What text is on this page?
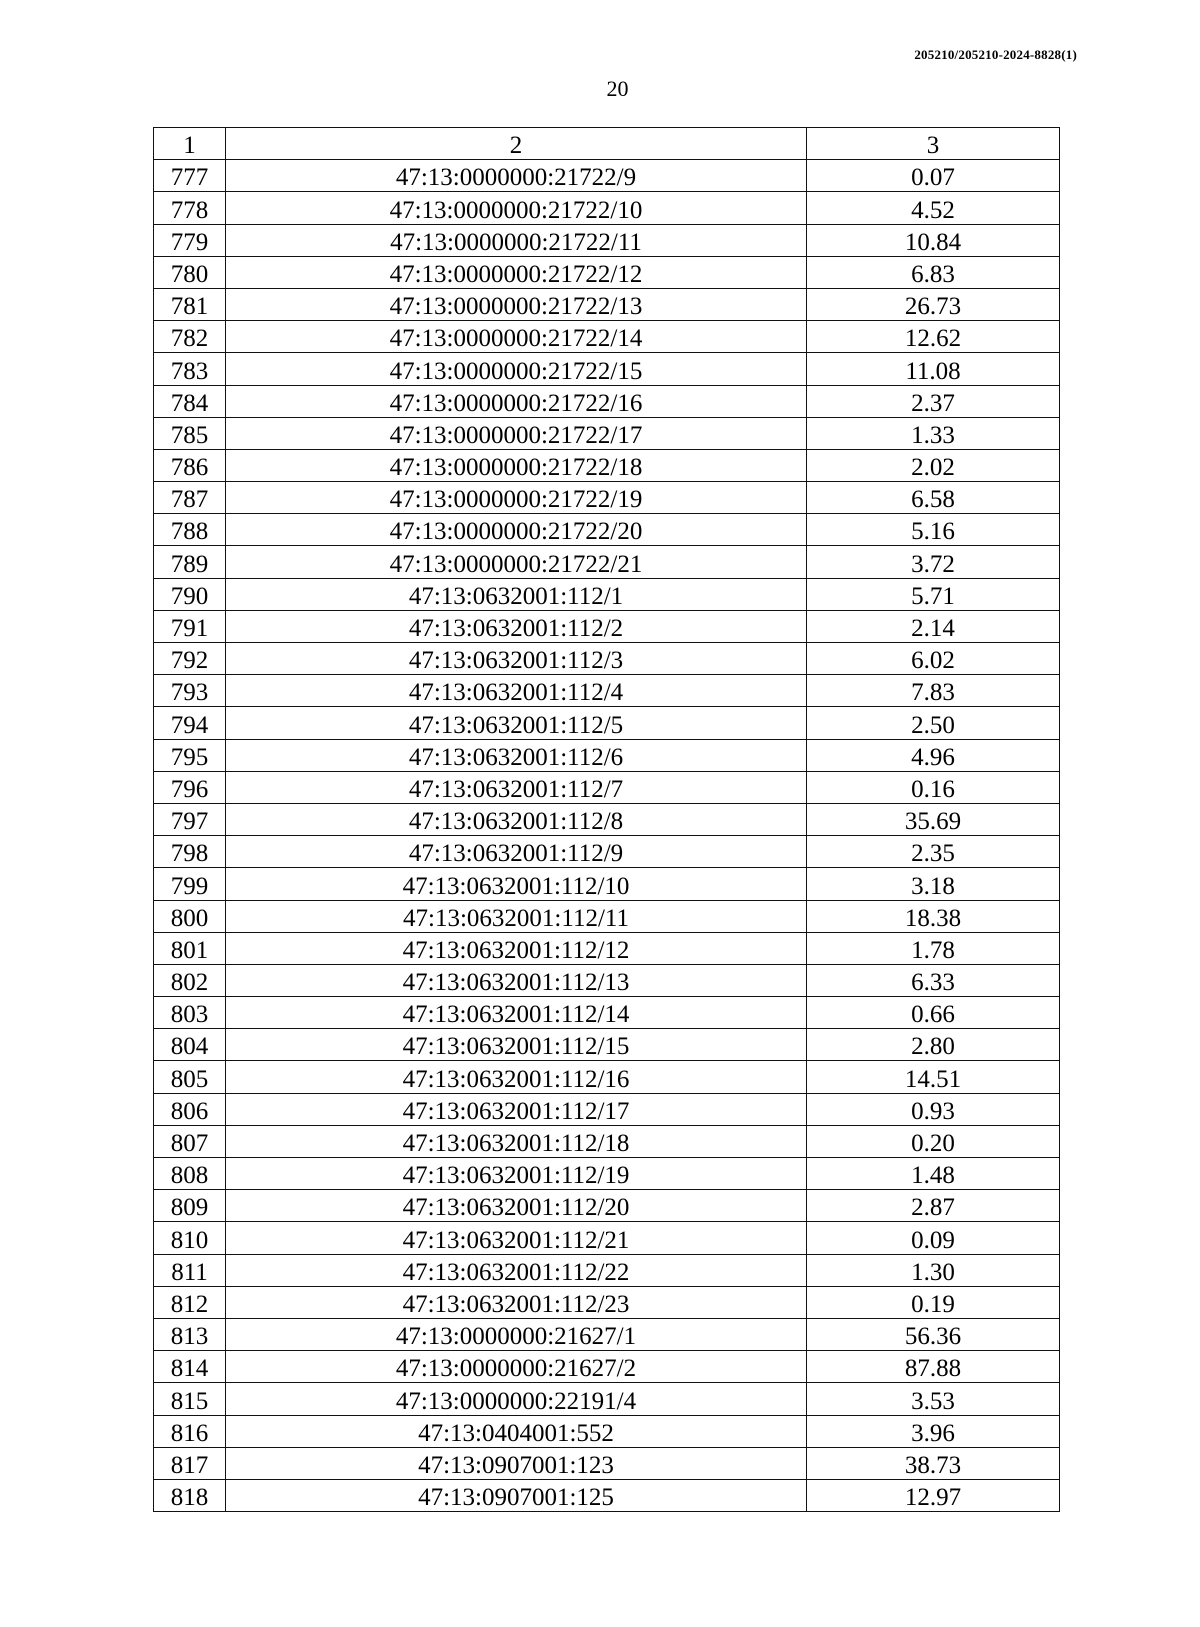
205210/205210-2024-8828(1)
20
1	2	3
777	47:13:0000000:21722/9	0.07
778	47:13:0000000:21722/10	4.52
779	47:13:0000000:21722/11	10.84
780	47:13:0000000:21722/12	6.83
781	47:13:0000000:21722/13	26.73
782	47:13:0000000:21722/14	12.62
783	47:13:0000000:21722/15	11.08
784	47:13:0000000:21722/16	2.37
785	47:13:0000000:21722/17	1.33
786	47:13:0000000:21722/18	2.02
787	47:13:0000000:21722/19	6.58
788	47:13:0000000:21722/20	5.16
789	47:13:0000000:21722/21	3.72
790	47:13:0632001:112/1	5.71
791	47:13:0632001:112/2	2.14
792	47:13:0632001:112/3	6.02
793	47:13:0632001:112/4	7.83
794	47:13:0632001:112/5	2.50
795	47:13:0632001:112/6	4.96
796	47:13:0632001:112/7	0.16
797	47:13:0632001:112/8	35.69
798	47:13:0632001:112/9	2.35
799	47:13:0632001:112/10	3.18
800	47:13:0632001:112/11	18.38
801	47:13:0632001:112/12	1.78
802	47:13:0632001:112/13	6.33
803	47:13:0632001:112/14	0.66
804	47:13:0632001:112/15	2.80
805	47:13:0632001:112/16	14.51
806	47:13:0632001:112/17	0.93
807	47:13:0632001:112/18	0.20
808	47:13:0632001:112/19	1.48
809	47:13:0632001:112/20	2.87
810	47:13:0632001:112/21	0.09
811	47:13:0632001:112/22	1.30
812	47:13:0632001:112/23	0.19
813	47:13:0000000:21627/1	56.36
814	47:13:0000000:21627/2	87.88
815	47:13:0000000:22191/4	3.53
816	47:13:0404001:552	3.96
817	47:13:0907001:123	38.73
818	47:13:0907001:125	12.97
